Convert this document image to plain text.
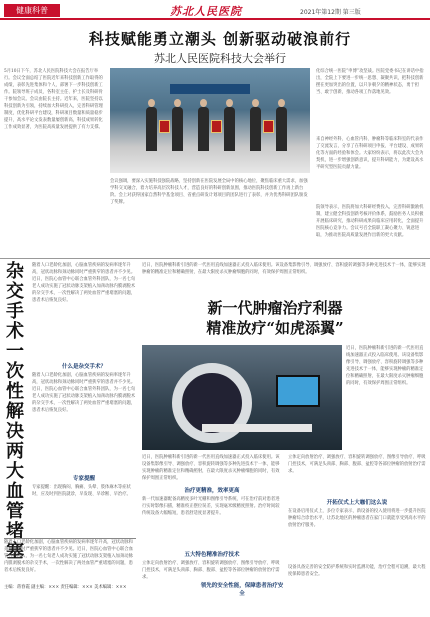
健康科普	苏北人民医院	2021年第12期 第三版
科技赋能勇立潮头 创新驱动破浪前行
苏北人民医院科技大会举行
5月10日下午，苏北人民医院科技大会在报告厅举行。会议全面总结了医院近年来科技创新工作取得的成绩，表彰先进集体和个人，部署下一步科技创新工作。院领导班子成员、各科室主任、护士长及科研骨干参加会议。会议由院长主持。近年来，医院坚持以科技创新为引领，持续加大科研投入，完善科研管理制度，优化科研平台建设，科研项目数量和质量稳步提升，高水平论文发表数量屡创新高，科技成果转化工作成效显著，为医院高质量发展提供了有力支撑。
会议强调，要深入实施科技强院战略，坚持创新在医院发展全局中的核心地位，聚焦临床重大需求，加强学科交叉融合，着力培养高层次科技人才，营造良好的科研创新氛围，推动医院科技创新工作再上新台阶。会上对获得国家自然科学基金项目、省重点研发计划项目的团队进行了表彰，并为优秀科研团队颁发了奖牌。
化综合统一医院“申博”攻坚战。医院党委书记在讲话中指出，全院上下要进一步统一思想、凝聚共识，把科技创新摆在更加突出的位置，以只争朝夕的精神状态，勇于担当、敢于创新，推动各项工作落地见效。
来自神经外科、心血管内科、肿瘤科等临床科室的代表作了交流发言，分享了在科研项目申报、平台建设、成果转化等方面的经验和体会。大家纷纷表示，将以此次大会为契机，进一步增强创新意识，提升科研能力，为建设高水平研究型医院贡献力量。
院领导表示，医院将加大科研经费投入，完善科研激励机制，建立健全科技创新考核评价体系，鼓励医务人员积极开展临床研究，推动科研成果向临床应用转化，全面提升医院核心竞争力。会议号召全院职工凝心聚力、锐意进取，为推动医院高质量发展作出新的更大贡献。
杂交手术一次性解决两大血管堵塞
随着人口老龄化加剧，心脑血管疾病的发病率逐年升高，冠状动脉和颈动脉同时严重狭窄的患者并不少见。近日，医院心血管中心联合血管外科团队，为一名七旬老人成功实施了冠状动脉支架植入加颈动脉内膜剥脱术的杂交手术，一次性解决了两处血管严重堵塞的问题，患者术后恢复良好。
什么是杂交手术？
随着人口老龄化加剧，心脑血管疾病的发病率逐年升高，冠状动脉和颈动脉同时严重狭窄的患者并不少见。近日，医院心血管中心联合血管外科团队，为一名七旬老人成功实施了冠状动脉支架植入加颈动脉内膜剥脱术的杂交手术，一次性解决了两处血管严重堵塞的问题，患者术后恢复良好。
专家提醒
专家提醒：出现胸闷、胸痛、头晕、肢体麻木等症状时，应及时到医院就诊，早发现、早诊断、早治疗。
随着人口老龄化加剧，心脑血管疾病的发病率逐年升高，冠状动脉和颈动脉同时严重狭窄的患者并不少见。近日，医院心血管中心联合血管外科团队，为一名七旬老人成功实施了冠状动脉支架植入加颈动脉内膜剥脱术的杂交手术，一次性解决了两处血管严重堵塞的问题，患者术后恢复良好。
主编：蒋春霞 副主编：××× 责任编辑：××× 美术编辑：×××
近日，医院肿瘤科新引进的新一代医用直线加速器正式投入临床使用。该设备集影像引导、调强放疗、容积旋转调强等多种先进技术于一体，能够实现肿瘤的精准定位和精确照射，在最大限度杀灭肿瘤细胞的同时，有效保护周围正常组织。
新一代肿瘤治疗利器
精准放疗“如虎添翼”
近日，医院肿瘤科新引进的新一代医用直线加速器正式投入临床使用。该设备集影像引导、调强放疗、容积旋转调强等多种先进技术于一体，能够实现肿瘤的精准定位和精确照射，在最大限度杀灭肿瘤细胞的同时，有效保护周围正常组织。
近日，医院肿瘤科新引进的新一代医用直线加速器正式投入临床使用。该设备集影像引导、调强放疗、容积旋转调强等多种先进技术于一体，能够实现肿瘤的精准定位和精确照射，在最大限度杀灭肿瘤细胞的同时，有效保护周围正常组织。
治疗更精准，效率更高
新一代加速器配备高精度多叶光栅和图像引导系统，可在治疗前对患者进行实时影像扫描，精准校正摆位误差，实现毫米级精度照射。治疗时间较传统设备大幅缩短，患者舒适度显著提升。
五大特色精准治疗技术
立体定向放射治疗、调强放疗、容积旋转调强放疗、图像引导放疗、呼吸门控技术，可满足头颈部、胸部、腹部、盆腔等各部位肿瘤的放射治疗需求。
立体定向放射治疗、调强放疗、容积旋转调强放疗、图像引导放疗、呼吸门控技术，可满足头颈部、胸部、腹部、盆腔等各部位肿瘤的放射治疗需求。
开拓仪式上大咖们这么说
在设备启用仪式上，多位专家表示，新设备的投入使用将进一步提升医院肿瘤综合诊治水平，让苏北地区的肿瘤患者在家门口就能享受到高水平的放射治疗服务。
领先的安全性能，保障患者治疗安全
设备具备完善的安全防护系统和实时监测功能，治疗全程可追溯，最大程度保障患者安全。
